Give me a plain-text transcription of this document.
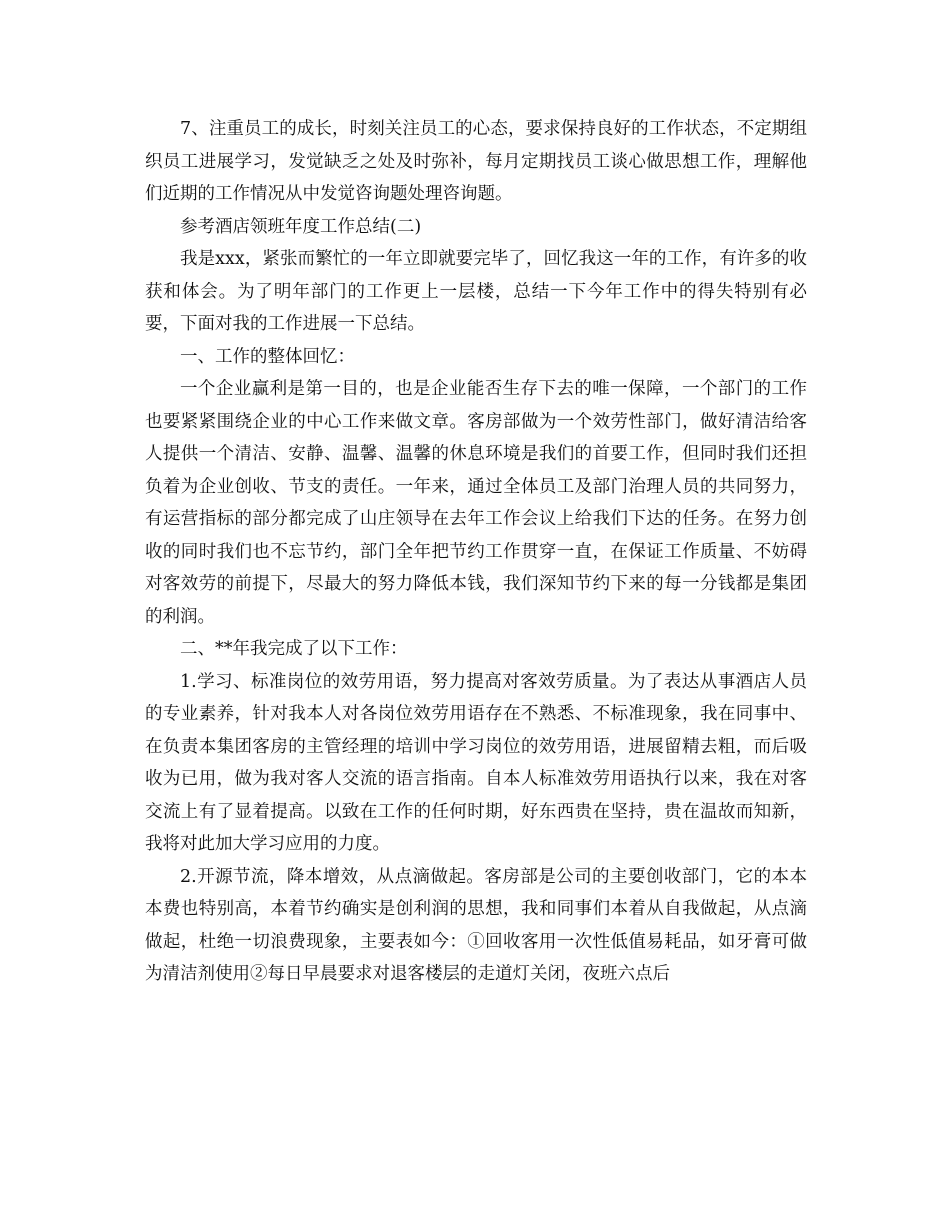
7、注重员工的成长，时刻关注员工的心态，要求保持良好的工作状态，不定期组织员工进展学习，发觉缺乏之处及时弥补，每月定期找员工谈心做思想工作，理解他们近期的工作情况从中发觉咨询题处理咨询题。

参考酒店领班年度工作总结(二)

我是xxx，紧张而繁忙的一年立即就要完毕了，回忆我这一年的工作，有许多的收获和体会。为了明年部门的工作更上一层楼，总结一下今年工作中的得失特别有必要，下面对我的工作进展一下总结。

一、工作的整体回忆：

一个企业赢利是第一目的，也是企业能否生存下去的唯一保障，一个部门的工作也要紧紧围绕企业的中心工作来做文章。客房部做为一个效劳性部门，做好清洁给客人提供一个清洁、安静、温馨、温馨的休息环境是我们的首要工作，但同时我们还担负着为企业创收、节支的责任。一年来，通过全体员工及部门治理人员的共同努力，有运营指标的部分都完成了山庄领导在去年工作会议上给我们下达的任务。在努力创收的同时我们也不忘节约，部门全年把节约工作贯穿一直，在保证工作质量、不妨碍对客效劳的前提下，尽最大的努力降低本钱，我们深知节约下来的每一分钱都是集团的利润。

二、**年我完成了以下工作：

1.学习、标准岗位的效劳用语，努力提高对客效劳质量。为了表达从事酒店人员的专业素养，针对我本人对各岗位效劳用语存在不熟悉、不标准现象，我在同事中、在负责本集团客房的主管经理的培训中学习岗位的效劳用语，进展留精去粗，而后吸收为已用，做为我对客人交流的语言指南。自本人标准效劳用语执行以来，我在对客交流上有了显着提高。以致在工作的任何时期，好东西贵在坚持，贵在温故而知新，我将对此加大学习应用的力度。

2.开源节流，降本增效，从点滴做起。客房部是公司的主要创收部门，它的本本本费也特别高，本着节约确实是创利润的思想，我和同事们本着从自我做起，从点滴做起，杜绝一切浪费现象，主要表如今：①回收客用一次性低值易耗品，如牙膏可做为清洁剂使用②每日早晨要求对退客楼层的走道灯关闭，夜班六点后
